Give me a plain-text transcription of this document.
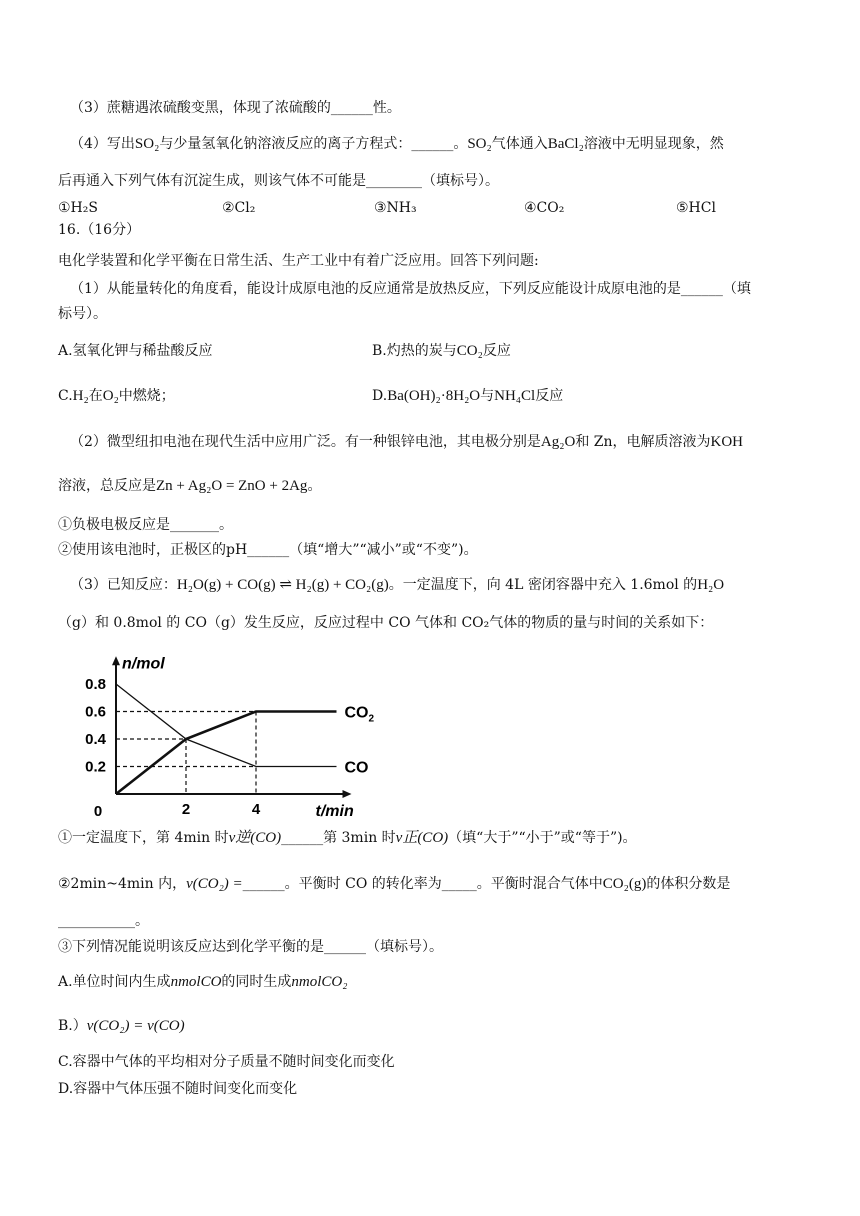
（3）蔗糖遇浓硫酸变黑，体现了浓硫酸的______性。
（4）写出SO₂与少量氢氧化钠溶液反应的离子方程式：______。SO₂气体通入BaCl₂溶液中无明显现象，然
后再通入下列气体有沉淀生成，则该气体不可能是________（填标号）。
①H₂S	②Cl₂	③NH₃	④CO₂	⑤HCl
16.（16分）
电化学装置和化学平衡在日常生活、生产工业中有着广泛应用。回答下列问题:
（1）从能量转化的角度看，能设计成原电池的反应通常是放热反应，下列反应能设计成原电池的是______（填
标号）。
A.氢氧化钾与稀盐酸反应	B.灼热的炭与CO₂反应
C.H₂在O₂中燃烧；	D.Ba(OH)₂·8H₂O与NH₄Cl反应
（2）微型纽扣电池在现代生活中应用广泛。有一种银锌电池，其电极分别是Ag₂O和 Zn，电解质溶液为KOH
溶液，总反应是Zn + Ag₂O = ZnO + 2Ag。
①负极电极反应是_______。
②使用该电池时，正极区的pH______（填“增大”“减小”或“不变”)。
（3）已知反应：H₂O(g) + CO(g) ⇌ H₂(g) + CO₂(g)。一定温度下，向 4L 密闭容器中充入 1.6mol 的H₂O
（g）和 0.8mol 的 CO（g）发生反应，反应过程中 CO 气体和 CO₂气体的物质的量与时间的关系如下：
$CO_2$
CO
0.2
0.4
0.6
0.8
2	4
0
n/mol
t/min
①一定温度下，第 4min 时v逆(CO)______第 3min 时v正(CO)（填“大于”“小于”或“等于”)。
②2min~4min 内，v(CO₂) =______。平衡时 CO 的转化率为_____。平衡时混合气体中CO₂(g)的体积分数是
___________。
③下列情况能说明该反应达到化学平衡的是______（填标号）。
A.单位时间内生成nmolCO的同时生成nmolCO₂
B.）v(CO₂) = v(CO)
C.容器中气体的平均相对分子质量不随时间变化而变化
D.容器中气体压强不随时间变化而变化
